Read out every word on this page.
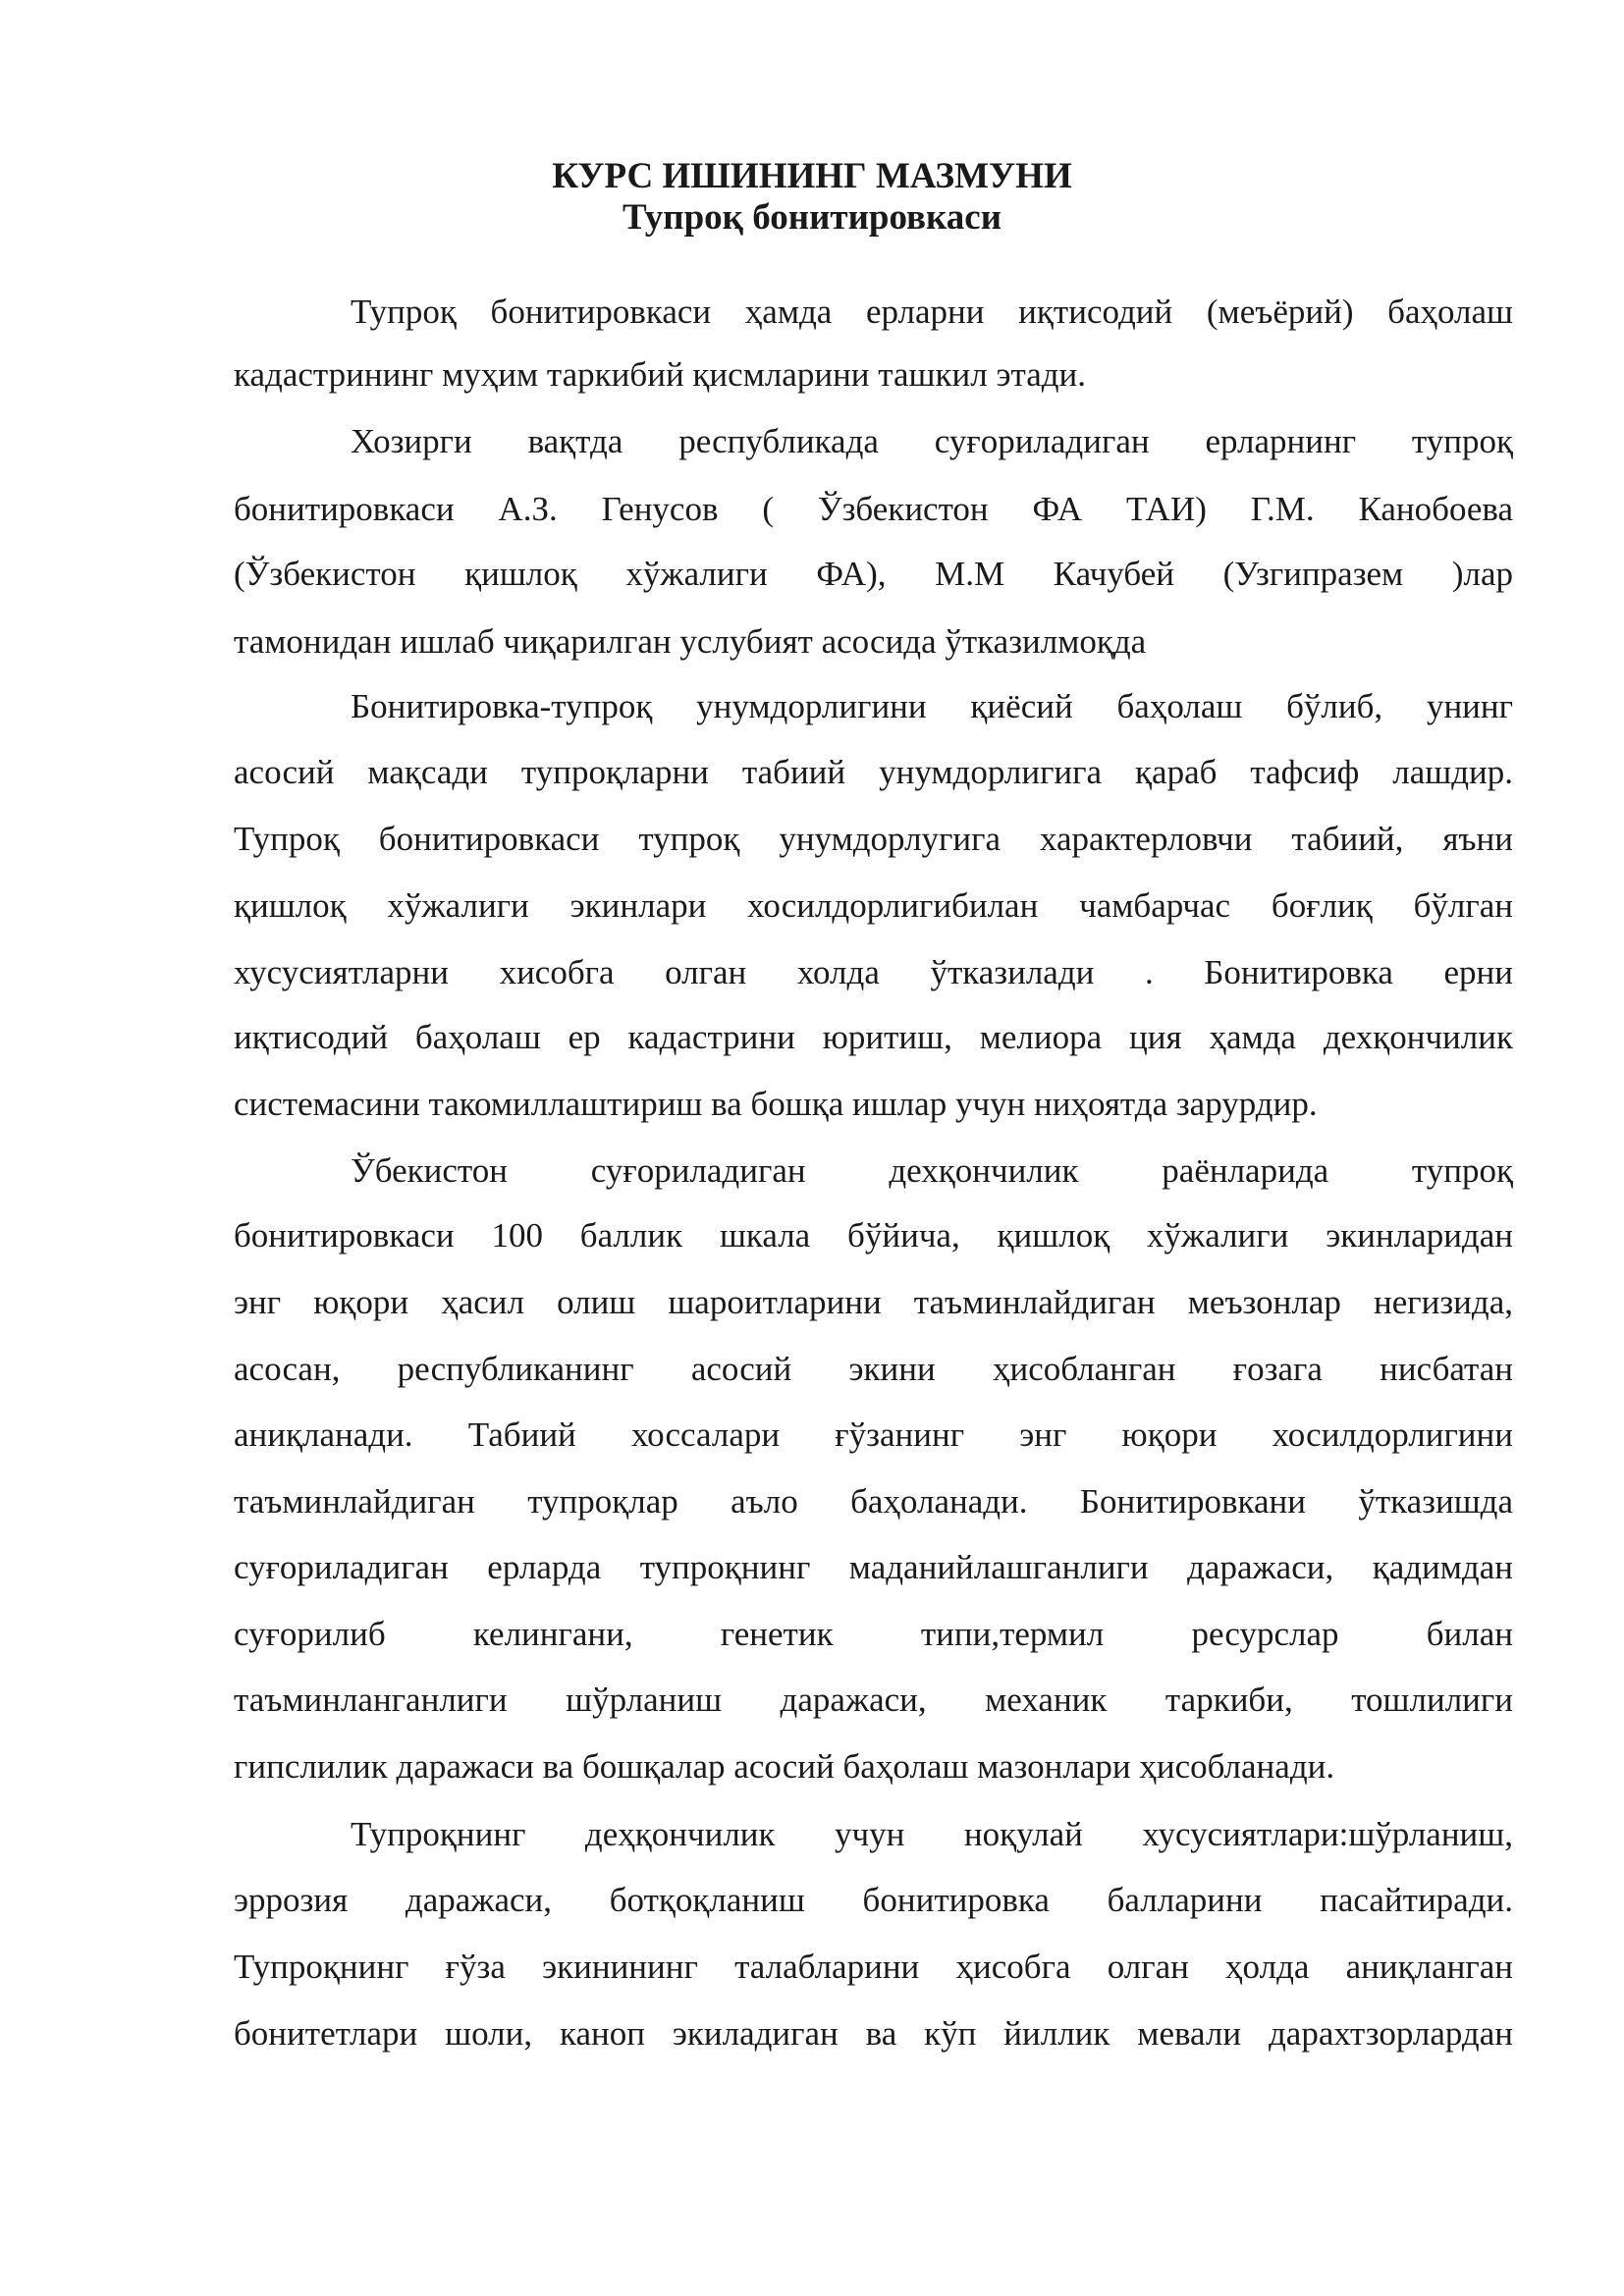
КУРС ИШИНИНГ МАЗМУНИ
Тупроқ бонитировкаси
Тупроқ бонитировкаси ҳамда ерларни иқтисодий (меъёрий) баҳолаш
кадастрининг муҳим таркибий қисмларини ташкил этади.
Хозирги вақтда республикада суғориладиган ерларнинг тупроқ
бонитировкаси А.З. Генусов ( Ўзбекистон ФА ТАИ) Г.М. Канобоева
(Ўзбекистон қишлоқ хўжалиги ФА), М.М Качубей (Узгипразем )лар
тамонидан ишлаб чиқарилган услубият асосида ўтказилмоқда
Бонитировка-тупроқ унумдорлигини қиёсий баҳолаш бўлиб, унинг
асосий мақсади тупроқларни табиий унумдорлигига қараб тафсиф лашдир.
Тупроқ бонитировкаси тупроқ унумдорлугига характерловчи табиий, яъни
қишлоқ хўжалиги экинлари хосилдорлигибилан чамбарчас боғлиқ бўлган
хусусиятларни хисобга олган холда ўтказилади . Бонитировка ерни
иқтисодий баҳолаш ер кадастрини юритиш, мелиора ция ҳамда дехқончилик
системасини такомиллаштириш ва бошқа ишлар учун ниҳоятда зарурдир.
Ўбекистон суғориладиган дехқончилик раёнларида тупроқ
бонитировкаси 100 баллик шкала бўйича, қишлоқ хўжалиги экинларидан
энг юқори ҳасил олиш шароитларини таъминлайдиган меъзонлар негизида,
асосан, республиканинг асосий экини ҳисобланган ғозага нисбатан
аниқланади. Табиий хоссалари ғўзанинг энг юқори хосилдорлигини
таъминлайдиган тупроқлар аъло баҳоланади. Бонитировкани ўтказишда
суғориладиган ерларда тупроқнинг маданийлашганлиги даражаси, қадимдан
суғорилиб келингани, генетик типи,термил ресурслар билан
таъминланганлиги шўрланиш даражаси, механик таркиби, тошлилиги
гипслилик даражаси ва бошқалар асосий баҳолаш мазонлари ҳисобланади.
Тупроқнинг деҳқончилик учун ноқулай хусусиятлари:шўрланиш,
эррозия даражаси, ботқоқланиш бонитировка балларини пасайтиради.
Тупроқнинг ғўза экинининг талабларини ҳисобга олган ҳолда аниқланган
бонитетлари шоли, каноп экиладиган ва кўп йиллик мевали дарахтзорлардан
